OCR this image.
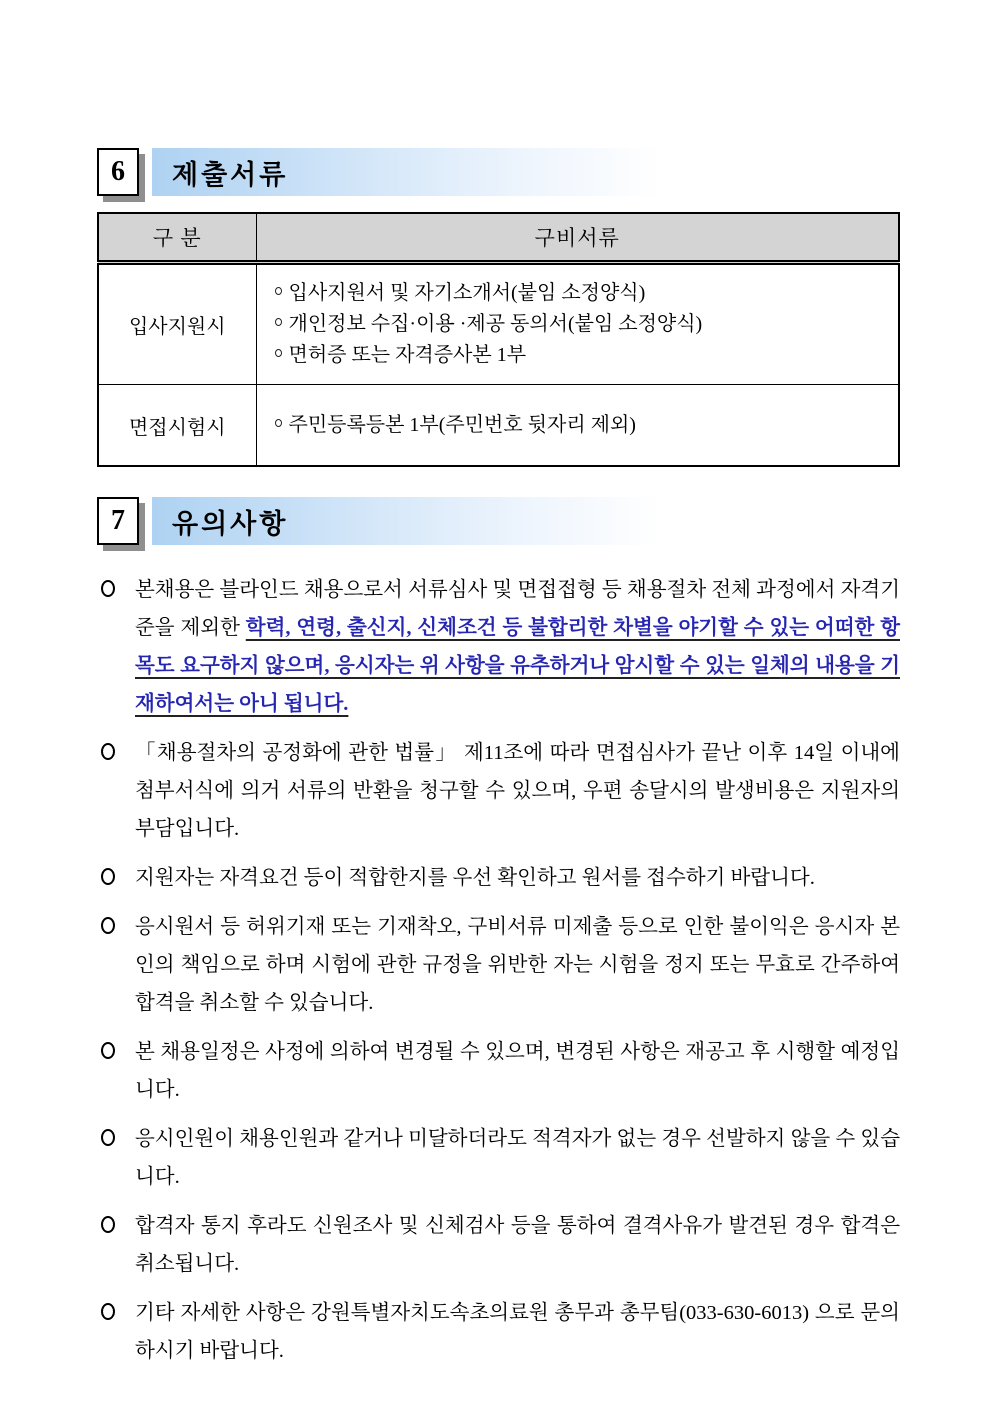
6 제출서류
구 분	구비서류
입사지원시	입사지원서 및 자기소개서(붙임 소정양식)
개인정보 수집·이용 ·제공 동의서(붙임 소정양식)
면허증 또는 자격증사본 1부

면접시험시	주민등록등본 1부(주민번호 뒷자리 제외)
7 유의사항
본채용은 블라인드 채용으로서 서류심사 및 면접접형 등 채용절차 전체 과정에서 자격기준을 제외한 학력, 연령, 출신지, 신체조건 등 불합리한 차별을 야기할 수 있는 어떠한 항목도 요구하지 않으며, 응시자는 위 사항을 유추하거나 암시할 수 있는 일체의 내용을 기재하여서는 아니 됩니다.
「채용절차의 공정화에 관한 법률」 제11조에 따라 면접심사가 끝난 이후 14일 이내에 첨부서식에 의거 서류의 반환을 청구할 수 있으며, 우편 송달시의 발생비용은 지원자의 부담입니다.
지원자는 자격요건 등이 적합한지를 우선 확인하고 원서를 접수하기 바랍니다.
응시원서 등 허위기재 또는 기재착오, 구비서류 미제출 등으로 인한 불이익은 응시자 본인의 책임으로 하며 시험에 관한 규정을 위반한 자는 시험을 정지 또는 무효로 간주하여 합격을 취소할 수 있습니다.
본 채용일정은 사정에 의하여 변경될 수 있으며, 변경된 사항은 재공고 후 시행할 예정입니다.
응시인원이 채용인원과 같거나 미달하더라도 적격자가 없는 경우 선발하지 않을 수 있습니다.
합격자 통지 후라도 신원조사 및 신체검사 등을 통하여 결격사유가 발견된 경우 합격은 취소됩니다.
기타 자세한 사항은 강원특별자치도속초의료원 총무과 총무팀(033-630-6013) 으로 문의하시기 바랍니다.
